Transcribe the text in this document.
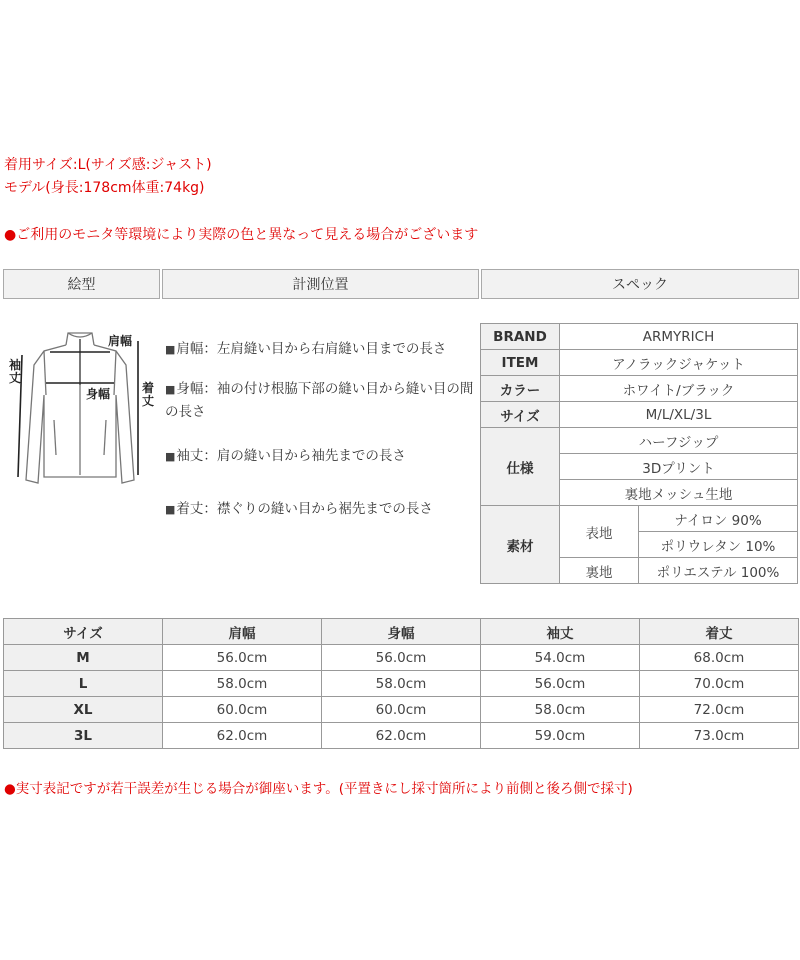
着用サイズ:L(サイズ感:ジャスト)
モデル(身長:178cm体重:74kg)
●ご利用のモニタ等環境により実際の色と異なって見える場合がございます
絵型	計測位置	スペック
肩幅
身幅
袖丈
着丈
■ 肩幅：左肩縫い目から右肩縫い目までの長さ
■ 身幅：袖の付け根脇下部の縫い目から縫い目の間の長さ
■ 袖丈：肩の縫い目から袖先までの長さ
■ 着丈：襟ぐりの縫い目から裾先までの長さ
BRAND	ARMYRICH	
ITEM	アノラックジャケット	
カラー	ホワイト/ブラック	
サイズ	M/L/XL/3L	
仕様	ハーフジップ	
	3Dプリント	
	裏地メッシュ生地	
素材	表地	ナイロン 90%
		ポリウレタン 10%
	裏地	ポリエステル 100%
サイズ	肩幅	身幅	袖丈	着丈
M	56.0cm	56.0cm	54.0cm	68.0cm
L	58.0cm	58.0cm	56.0cm	70.0cm
XL	60.0cm	60.0cm	58.0cm	72.0cm
3L	62.0cm	62.0cm	59.0cm	73.0cm
●実寸表記ですが若干誤差が生じる場合が御座います。(平置きにし採寸箇所により前側と後ろ側で採寸)
